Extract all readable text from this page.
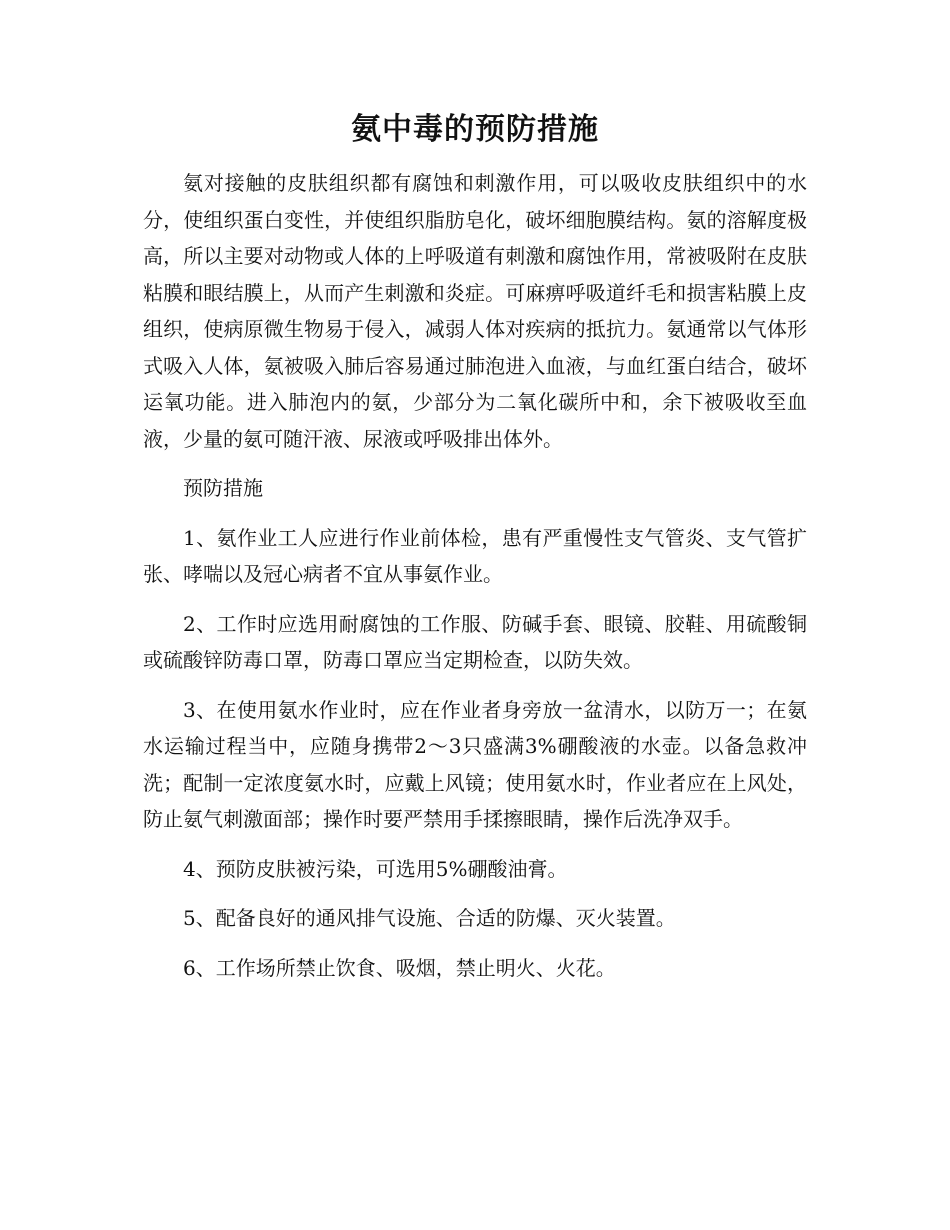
氨中毒的预防措施

氨对接触的皮肤组织都有腐蚀和刺激作用，可以吸收皮肤组织中的水分，使组织蛋白变性，并使组织脂肪皂化，破坏细胞膜结构。氨的溶解度极高，所以主要对动物或人体的上呼吸道有刺激和腐蚀作用，常被吸附在皮肤粘膜和眼结膜上，从而产生刺激和炎症。可麻痹呼吸道纤毛和损害粘膜上皮组织，使病原微生物易于侵入，减弱人体对疾病的抵抗力。氨通常以气体形式吸入人体，氨被吸入肺后容易通过肺泡进入血液，与血红蛋白结合，破坏运氧功能。进入肺泡内的氨，少部分为二氧化碳所中和，余下被吸收至血液，少量的氨可随汗液、尿液或呼吸排出体外。

预防措施

1、氨作业工人应进行作业前体检，患有严重慢性支气管炎、支气管扩张、哮喘以及冠心病者不宜从事氨作业。

2、工作时应选用耐腐蚀的工作服、防碱手套、眼镜、胶鞋、用硫酸铜或硫酸锌防毒口罩，防毒口罩应当定期检查，以防失效。

3、在使用氨水作业时，应在作业者身旁放一盆清水，以防万一；在氨水运输过程当中，应随身携带2～3只盛满3%硼酸液的水壶。以备急救冲洗；配制一定浓度氨水时，应戴上风镜；使用氨水时，作业者应在上风处，防止氨气刺激面部；操作时要严禁用手揉擦眼睛，操作后洗净双手。

4、预防皮肤被污染，可选用5%硼酸油膏。

5、配备良好的通风排气设施、合适的防爆、灭火装置。

6、工作场所禁止饮食、吸烟，禁止明火、火花。
